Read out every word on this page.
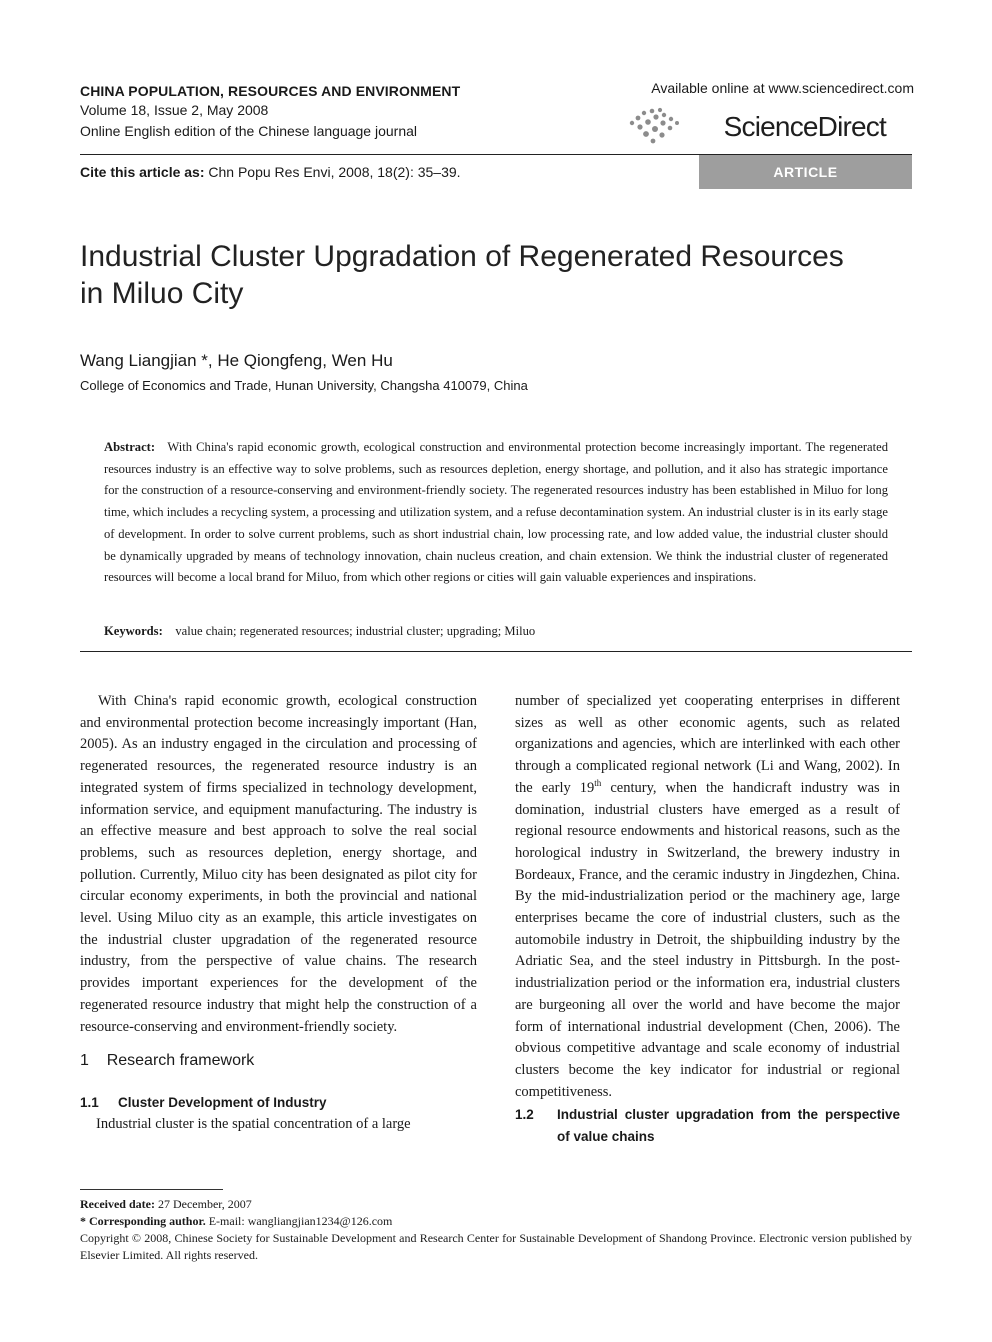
CHINA POPULATION, RESOURCES AND ENVIRONMENT
Volume 18, Issue 2, May 2008
Online English edition of the Chinese language journal
Available online at www.sciencedirect.com
ScienceDirect
Cite this article as: Chn Popu Res Envi, 2008, 18(2): 35–39.	ARTICLE
Industrial Cluster Upgradation of Regenerated Resources
in Miluo City
Wang Liangjian *, He Qiongfeng, Wen Hu
College of Economics and Trade, Hunan University, Changsha 410079, China
Abstract: With China's rapid economic growth, ecological construction and environmental protection become increasingly important. The regenerated resources industry is an effective way to solve problems, such as resources depletion, energy shortage, and pollution, and it also has strategic importance for the construction of a resource-conserving and environment-friendly society. The regenerated resources industry has been established in Miluo for long time, which includes a recycling system, a processing and utilization system, and a refuse decontamination system. An industrial cluster is in its early stage of development. In order to solve current problems, such as short industrial chain, low processing rate, and low added value, the industrial cluster should be dynamically upgraded by means of technology innovation, chain nucleus creation, and chain extension. We think the industrial cluster of regenerated resources will become a local brand for Miluo, from which other regions or cities will gain valuable experiences and inspirations.
Keywords: value chain; regenerated resources; industrial cluster; upgrading; Miluo

With China's rapid economic growth, ecological construction and environmental protection become increasingly important (Han, 2005). As an industry engaged in the circulation and processing of regenerated resources, the regenerated resource industry is an integrated system of firms specialized in technology development, information service, and equipment manufacturing. The industry is an effective measure and best approach to solve the real social problems, such as resources depletion, energy shortage, and pollution. Currently, Miluo city has been designated as pilot city for circular economy experiments, in both the provincial and national level. Using Miluo city as an example, this article investigates on the industrial cluster upgradation of the regenerated resource industry, from the perspective of value chains. The research provides important experiences for the development of the regenerated resource industry that might help the construction of a resource-conserving and environment-friendly society.

1 Research framework

1.1 Cluster Development of Industry

Industrial cluster is the spatial concentration of a large

number of specialized yet cooperating enterprises in different sizes as well as other economic agents, such as related organizations and agencies, which are interlinked with each other through a complicated regional network (Li and Wang, 2002). In the early 19th century, when the handicraft industry was in domination, industrial clusters have emerged as a result of regional resource endowments and historical reasons, such as the horological industry in Switzerland, the brewery industry in Bordeaux, France, and the ceramic industry in Jingdezhen, China. By the mid-industrialization period or the machinery age, large enterprises became the core of industrial clusters, such as the automobile industry in Detroit, the shipbuilding industry by the Adriatic Sea, and the steel industry in Pittsburgh. In the post-industrialization period or the information era, industrial clusters are burgeoning all over the world and have become the major form of international industrial development (Chen, 2006). The obvious competitive advantage and scale economy of industrial clusters become the key indicator for industrial or regional competitiveness.

1.2 Industrial cluster upgradation from the perspective of value chains

Received date: 27 December, 2007

* Corresponding author. E-mail: wangliangjian1234@126.com

Copyright © 2008, Chinese Society for Sustainable Development and Research Center for Sustainable Development of Shandong Province. Electronic version published by Elsevier Limited. All rights reserved.
